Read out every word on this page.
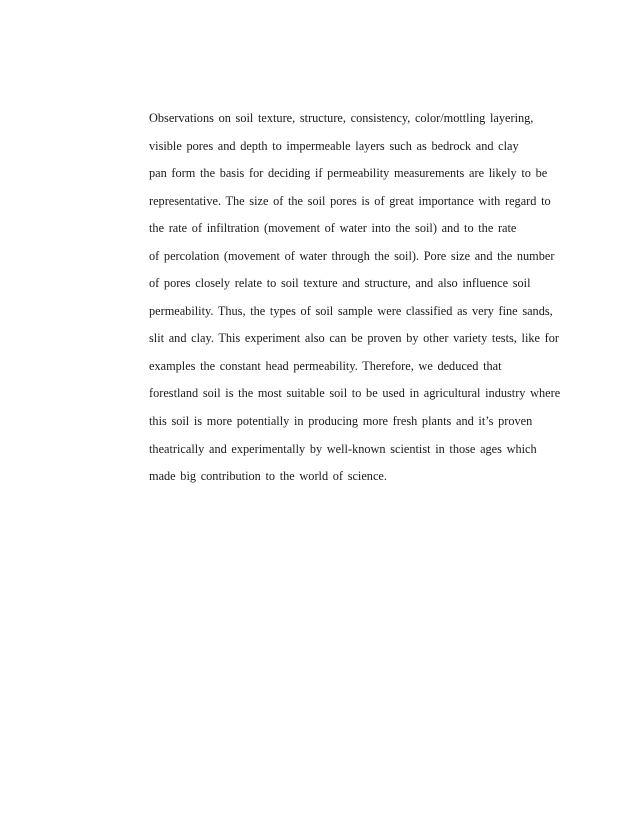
Observations on soil texture, structure, consistency, color/mottling layering,
visible pores and depth to impermeable layers such as bedrock and clay
pan form the basis for deciding if permeability measurements are likely to be
representative. The size of the soil pores is of great importance with regard to
the rate of infiltration (movement of water into the soil) and to the rate
of percolation (movement of water through the soil). Pore size and the number
of pores closely relate to soil texture and structure, and also influence soil
permeability. Thus, the types of soil sample were classified as very fine sands,
slit and clay. This experiment also can be proven by other variety tests, like for
examples the constant head permeability. Therefore, we deduced that
forestland soil is the most suitable soil to be used in agricultural industry where
this soil is more potentially in producing more fresh plants and it’s proven
theatrically and experimentally by well-known scientist in those ages which
made big contribution to the world of science.
